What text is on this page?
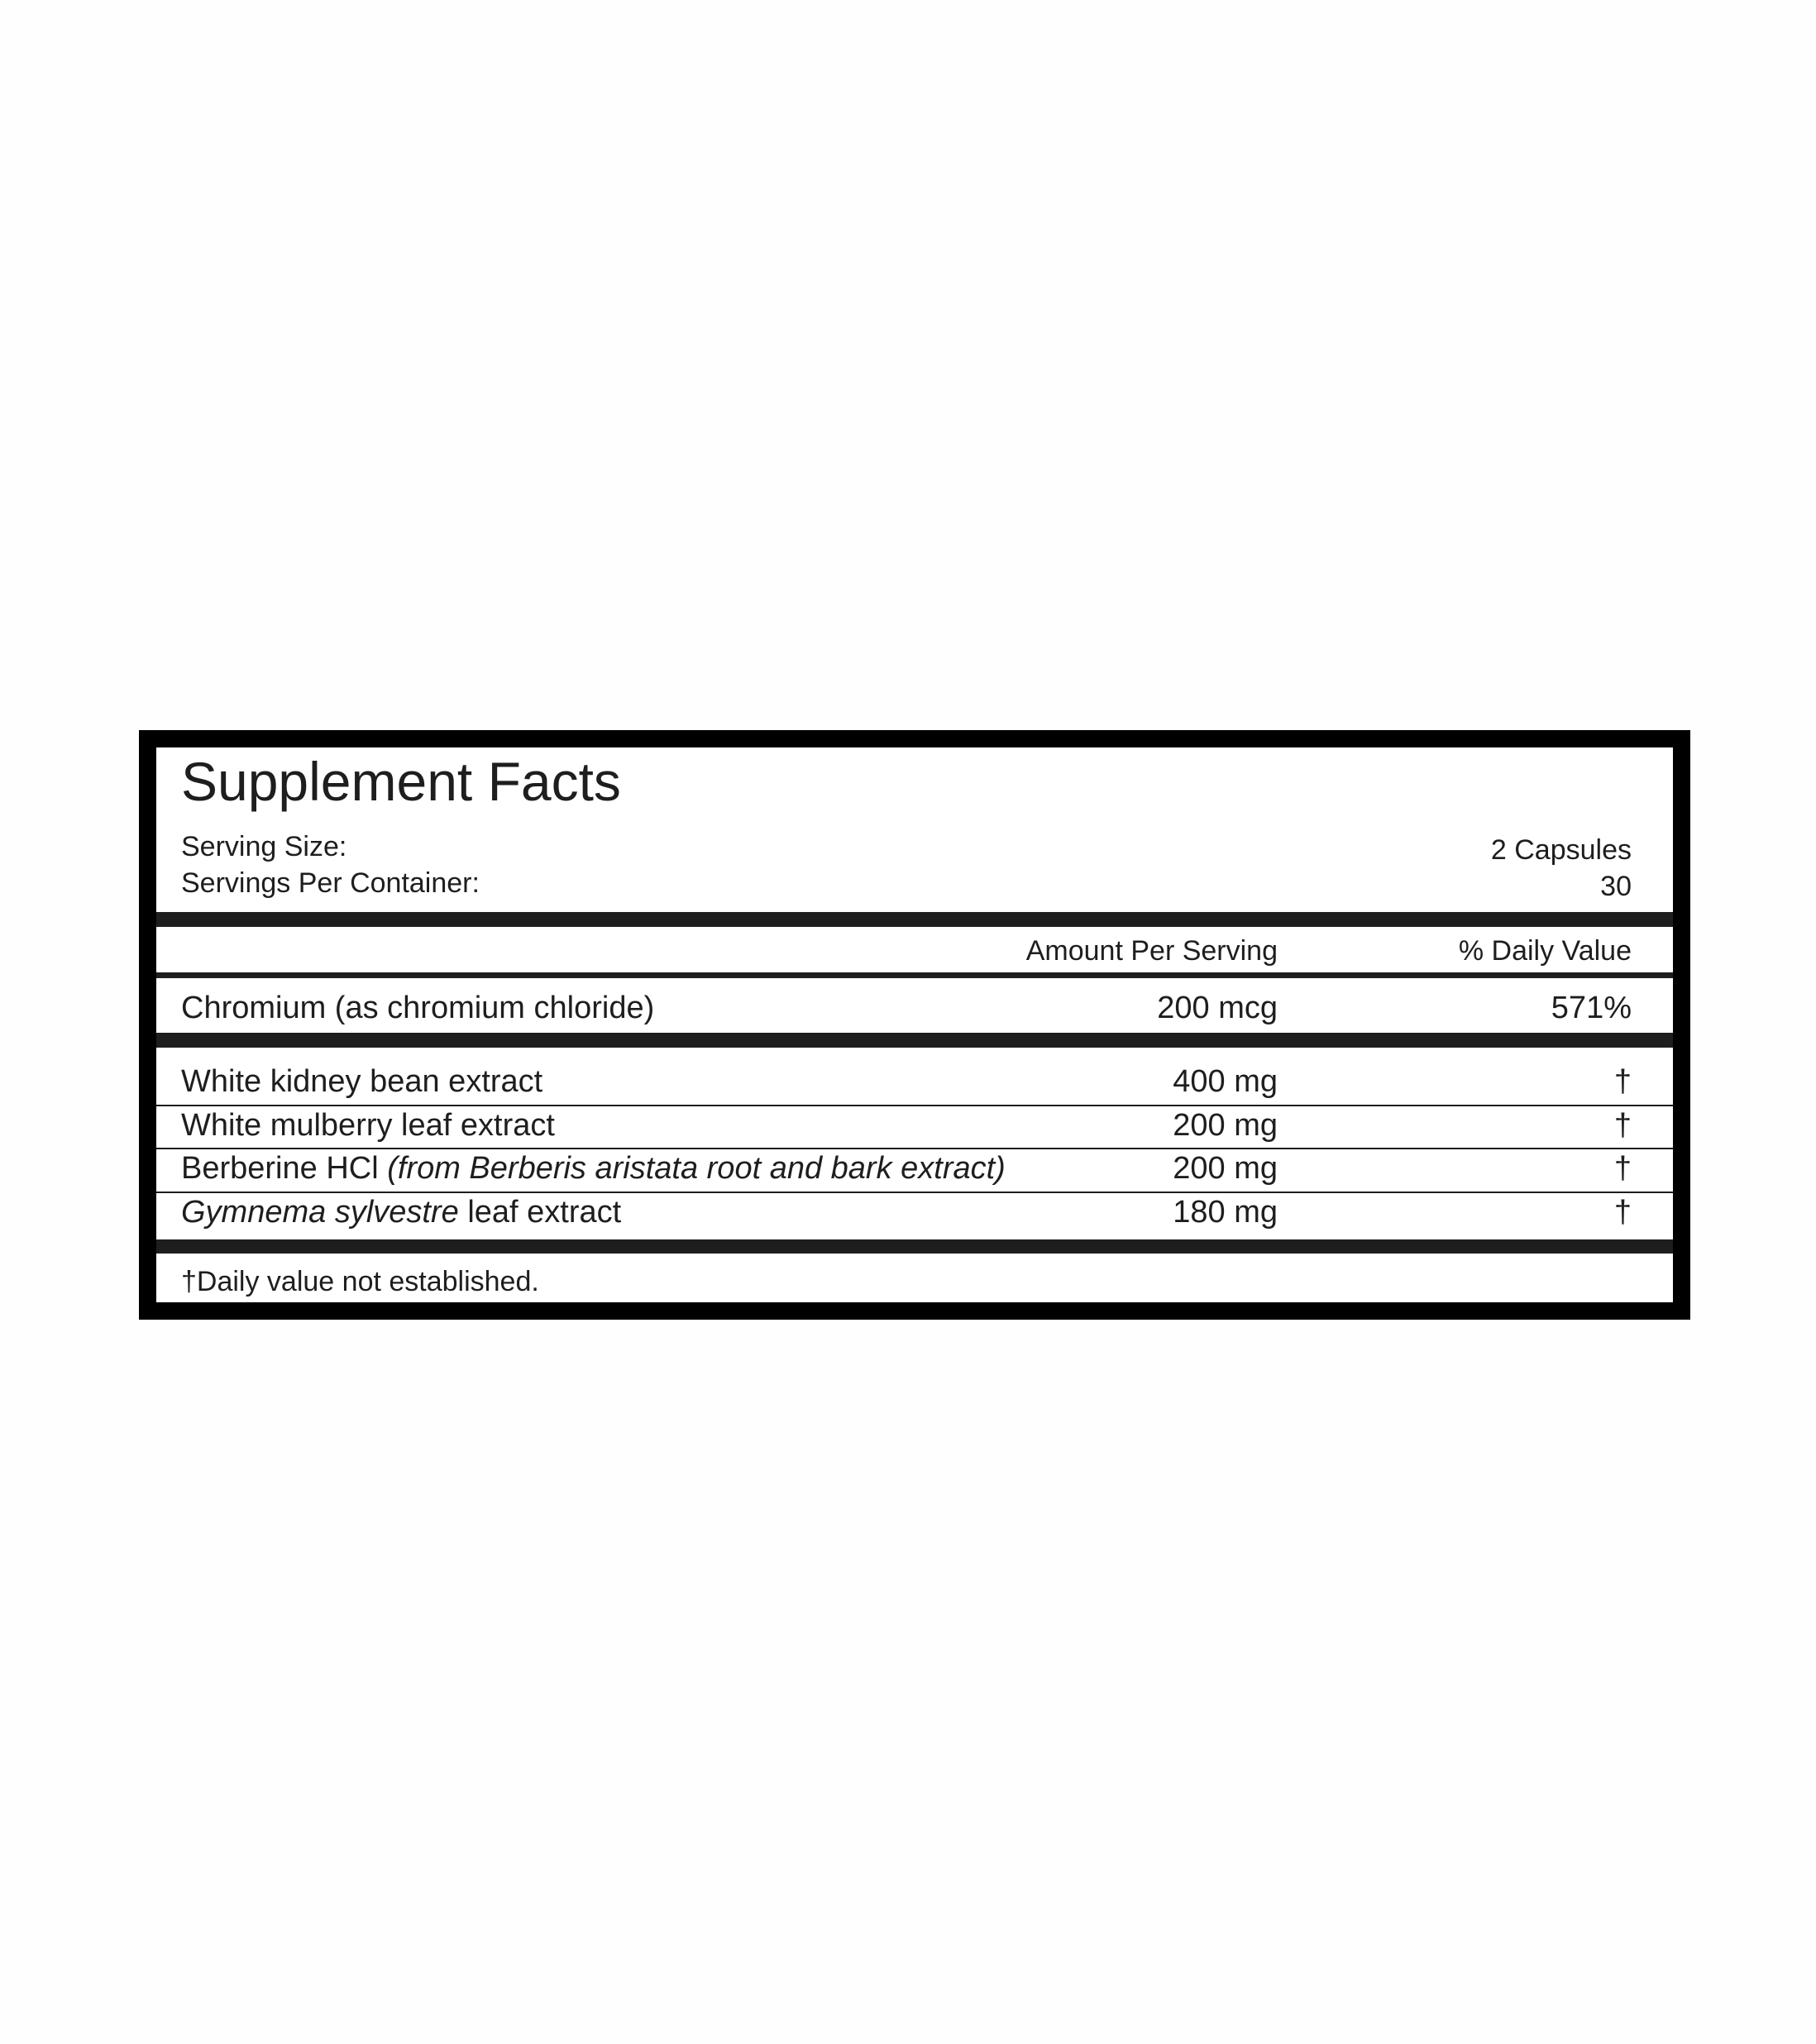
Supplement Facts
Serving Size:	2 Capsules
Servings Per Container:	30
Amount Per Serving	% Daily Value
Chromium (as chromium chloride)	200 mcg	571%
White kidney bean extract	400 mg	†
White mulberry leaf extract	200 mg	†
Berberine HCl (from Berberis aristata root and bark extract)	200 mg	†
Gymnema sylvestre leaf extract	180 mg	†
†Daily value not established.
